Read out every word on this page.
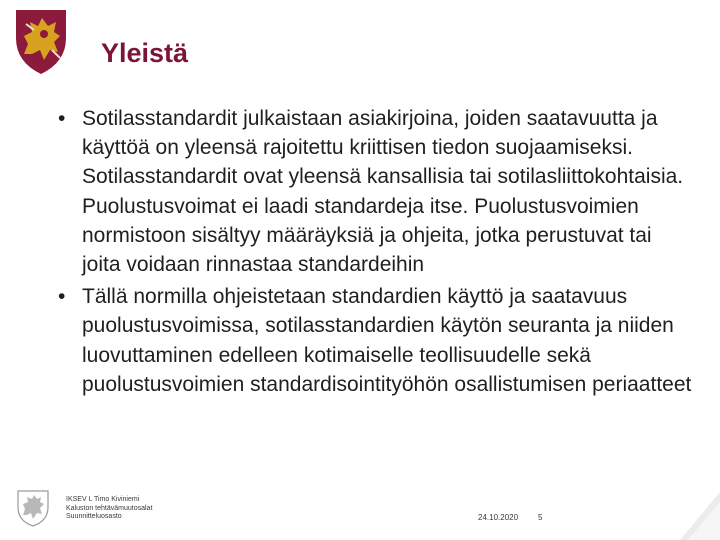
Yleistä
• Sotilasstandardit julkaistaan asiakirjoina, joiden saatavuutta ja käyttöä on yleensä rajoitettu kriittisen tiedon suojaamiseksi. Sotilasstandardit ovat yleensä kansallisia tai sotilasliittokohtaisia. Puolustusvoimat ei laadi standardeja itse. Puolustusvoimien normistoon sisältyy määräyksiä ja ohjeita, jotka perustuvat tai joita voidaan rinnastaa standardeihin
• Tällä normilla ohjeistetaan standardien käyttö ja saatavuus puolustusvoimissa, sotilasstandardien käytön seuranta ja niiden luovuttaminen edelleen kotimaiselle teollisuudelle sekä puolustusvoimien standardisointityöhön osallistumisen periaatteet
IKSEV L Timo Kiviniemi
Kaluston tehtävämuutosalat
Suunnitteluosasto	24.10.2020 5
